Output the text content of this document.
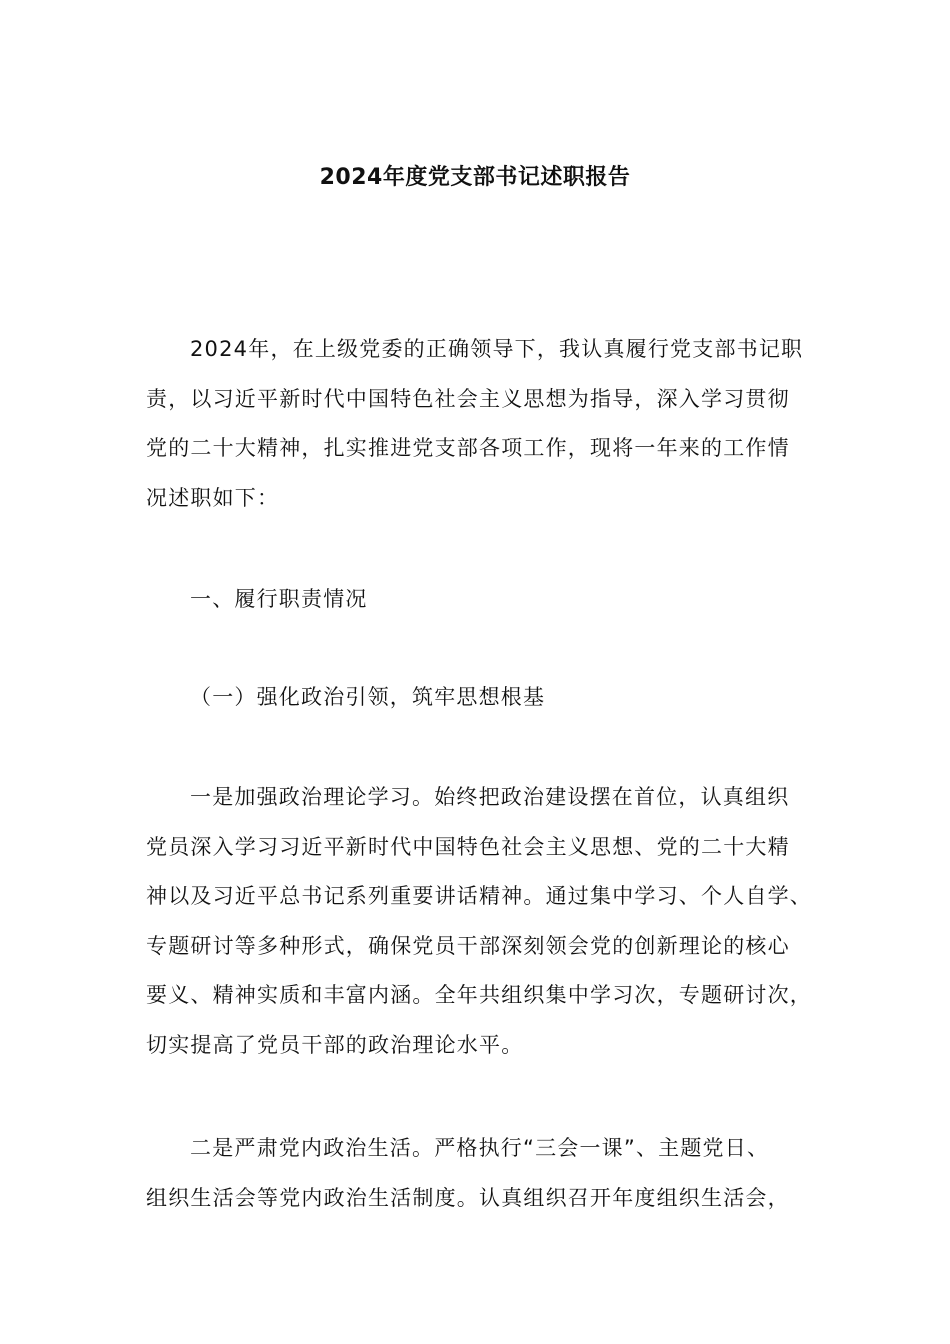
2024年度党支部书记述职报告
2024年，在上级党委的正确领导下，我认真履行党支部书记职
责，以习近平新时代中国特色社会主义思想为指导，深入学习贯彻
党的二十大精神，扎实推进党支部各项工作，现将一年来的工作情
况述职如下：
一、履行职责情况
（一）强化政治引领，筑牢思想根基
一是加强政治理论学习。始终把政治建设摆在首位，认真组织
党员深入学习习近平新时代中国特色社会主义思想、党的二十大精
神以及习近平总书记系列重要讲话精神。通过集中学习、个人自学、
专题研讨等多种形式，确保党员干部深刻领会党的创新理论的核心
要义、精神实质和丰富内涵。全年共组织集中学习次，专题研讨次，
切实提高了党员干部的政治理论水平。
二是严肃党内政治生活。严格执行“三会一课”、主题党日、
组织生活会等党内政治生活制度。认真组织召开年度组织生活会，
